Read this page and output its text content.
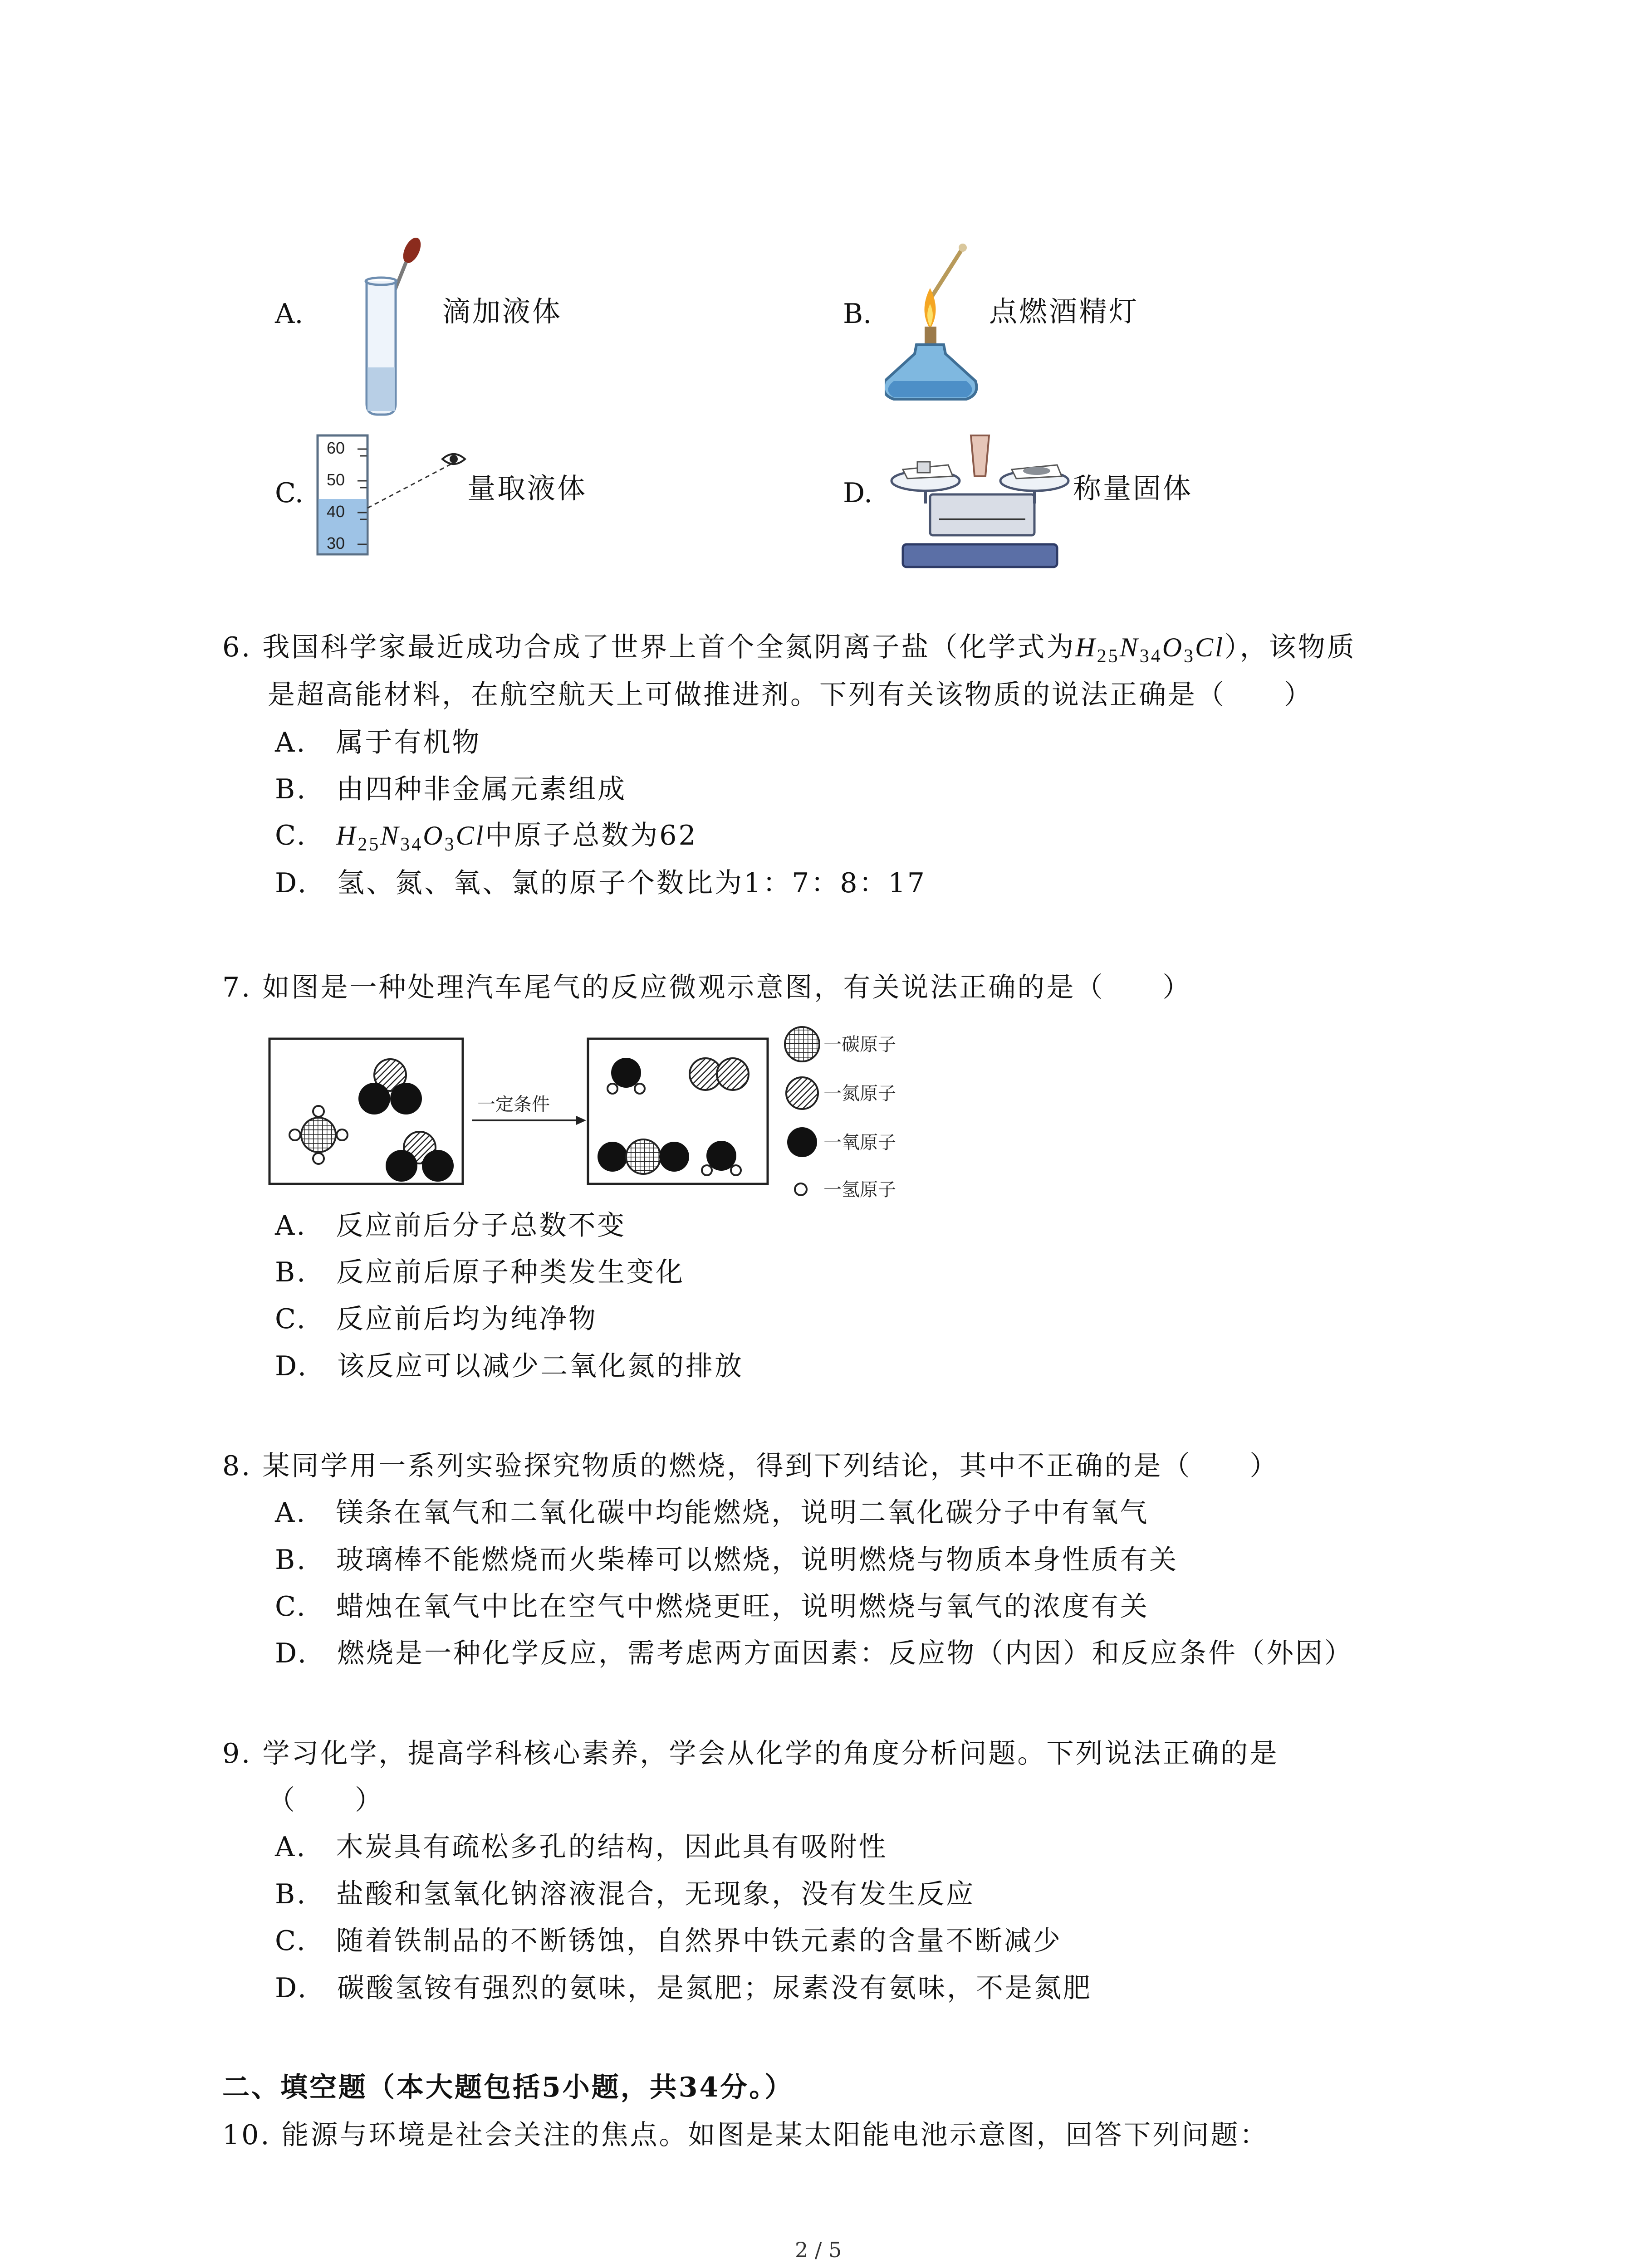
A.	滴加液体	B.	点燃酒精灯
C.
60
50
40
30
量取液体	D.	称量固体
6. 我国科学家最近成功合成了世界上首个全氮阴离子盐（化学式为$H_{25}N_{34}O_3Cl$），该物质
是超高能材料，在航空航天上可做推进剂。下列有关该物质的说法正确是（　　）
A.　属于有机物
B.　由四种非金属元素组成
C.　 $H_{25}N_{34}O_3Cl$中原子总数为62
D.　氢、氮、氧、氯的原子个数比为1：7：8：17
7. 如图是一种处理汽车尾气的反应微观示意图，有关说法正确的是（　　）
一定条件
一碳原子
一氮原子
一氧原子
一氢原子
A.　反应前后分子总数不变
B.　反应前后原子种类发生变化
C.　反应前后均为纯净物
D.　该反应可以减少二氧化氮的排放
8. 某同学用一系列实验探究物质的燃烧，得到下列结论，其中不正确的是（　　）
A.　镁条在氧气和二氧化碳中均能燃烧，说明二氧化碳分子中有氧气
B.　玻璃棒不能燃烧而火柴棒可以燃烧，说明燃烧与物质本身性质有关
C.　蜡烛在氧气中比在空气中燃烧更旺，说明燃烧与氧气的浓度有关
D.　燃烧是一种化学反应，需考虑两方面因素：反应物（内因）和反应条件（外因）
9. 学习化学，提高学科核心素养，学会从化学的角度分析问题。下列说法正确的是
（　　）
A.　木炭具有疏松多孔的结构，因此具有吸附性
B.　盐酸和氢氧化钠溶液混合，无现象，没有发生反应
C.　随着铁制品的不断锈蚀，自然界中铁元素的含量不断减少
D.　碳酸氢铵有强烈的氨味，是氮肥；尿素没有氨味，不是氮肥
二、填空题（本大题包括5小题，共34分。）
10. 能源与环境是社会关注的焦点。如图是某太阳能电池示意图，回答下列问题：
2 / 5
